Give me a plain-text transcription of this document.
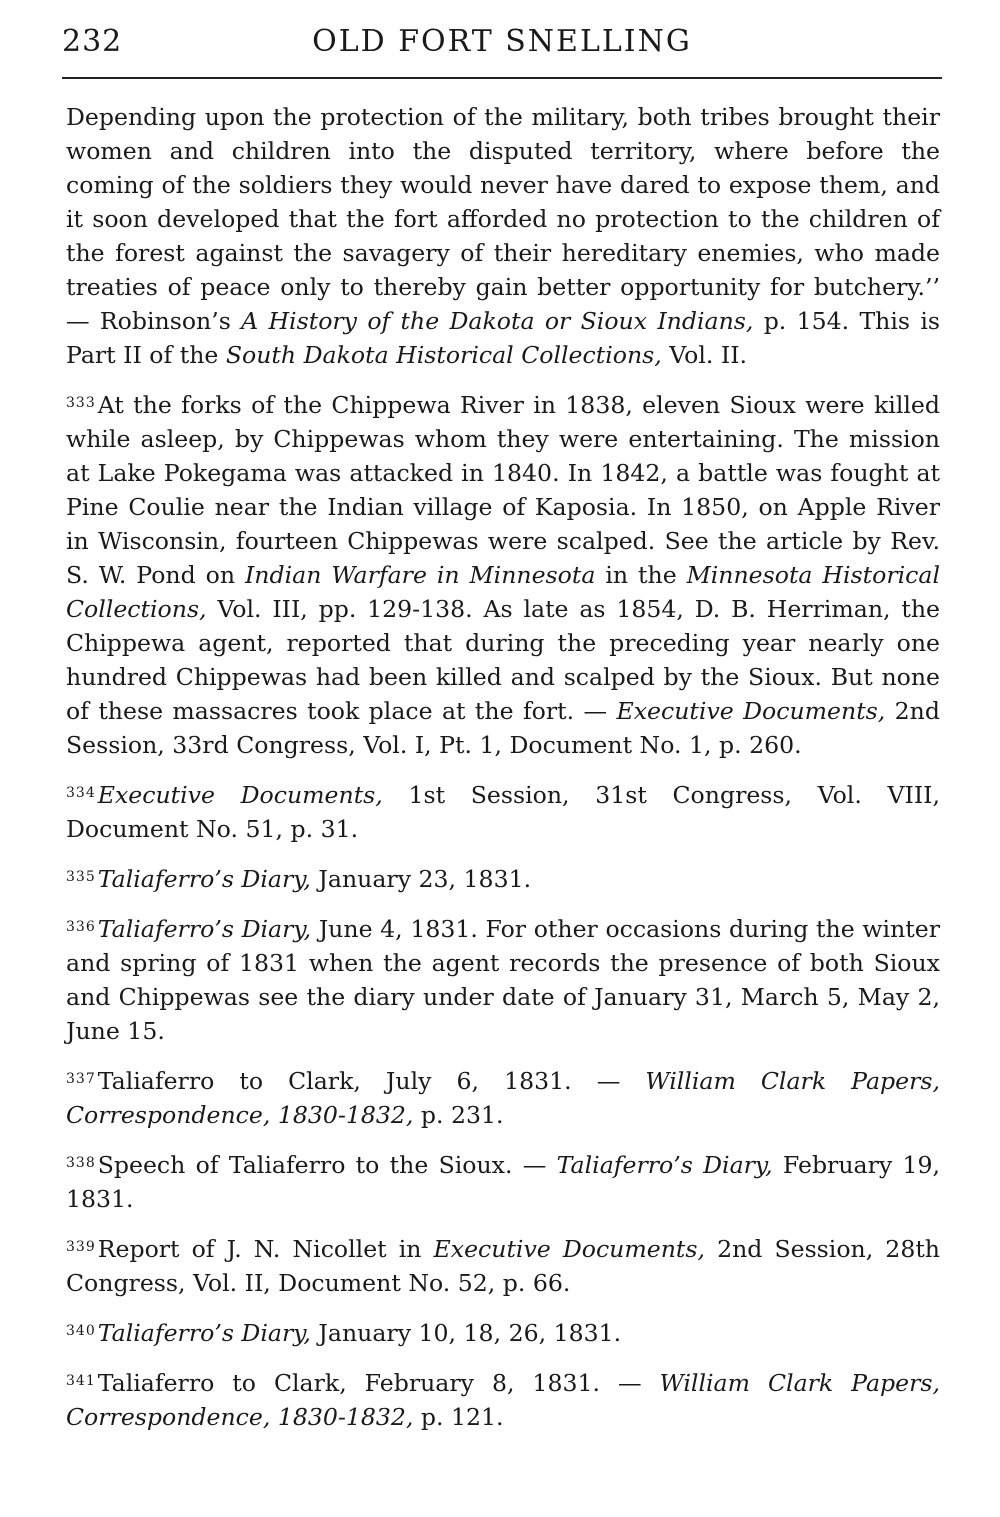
232	OLD FORT SNELLING

Depending upon the protection of the military, both tribes brought their women and children into the disputed territory, where before the coming of the soldiers they would never have dared to expose them, and it soon developed that the fort afforded no protection to the children of the forest against the savagery of their hereditary enemies, who made treaties of peace only to thereby gain better opportunity for butchery.’’ — Robinson’s A History of the Dakota or Sioux Indians, p. 154. This is Part II of the South Dakota Historical Collections, Vol. II.

$^{333}$At the forks of the Chippewa River in 1838, eleven Sioux were killed while asleep, by Chippewas whom they were entertaining. The mission at Lake Pokegama was attacked in 1840. In 1842, a battle was fought at Pine Coulie near the Indian village of Kaposia. In 1850, on Apple River in Wisconsin, fourteen Chippewas were scalped. See the article by Rev. S. W. Pond on Indian Warfare in Minnesota in the Minnesota Historical Collections, Vol. III, pp. 129-138. As late as 1854, D. B. Herriman, the Chippewa agent, reported that during the preceding year nearly one hundred Chippewas had been killed and scalped by the Sioux. But none of these massacres took place at the fort. — Executive Documents, 2nd Session, 33rd Congress, Vol. I, Pt. 1, Document No. 1, p. 260.

$^{334}$Executive Documents, 1st Session, 31st Congress, Vol. VIII, Document No. 51, p. 31.

$^{335}$Taliaferro’s Diary, January 23, 1831.

$^{336}$Taliaferro’s Diary, June 4, 1831. For other occasions during the winter and spring of 1831 when the agent records the presence of both Sioux and Chippewas see the diary under date of January 31, March 5, May 2, June 15.

$^{337}$Taliaferro to Clark, July 6, 1831. — William Clark Papers, Correspondence, 1830-1832, p. 231.

$^{338}$Speech of Taliaferro to the Sioux. — Taliaferro’s Diary, February 19, 1831.

$^{339}$Report of J. N. Nicollet in Executive Documents, 2nd Session, 28th Congress, Vol. II, Document No. 52, p. 66.

$^{340}$Taliaferro’s Diary, January 10, 18, 26, 1831.

$^{341}$Taliaferro to Clark, February 8, 1831. — William Clark Papers, Correspondence, 1830-1832, p. 121.
